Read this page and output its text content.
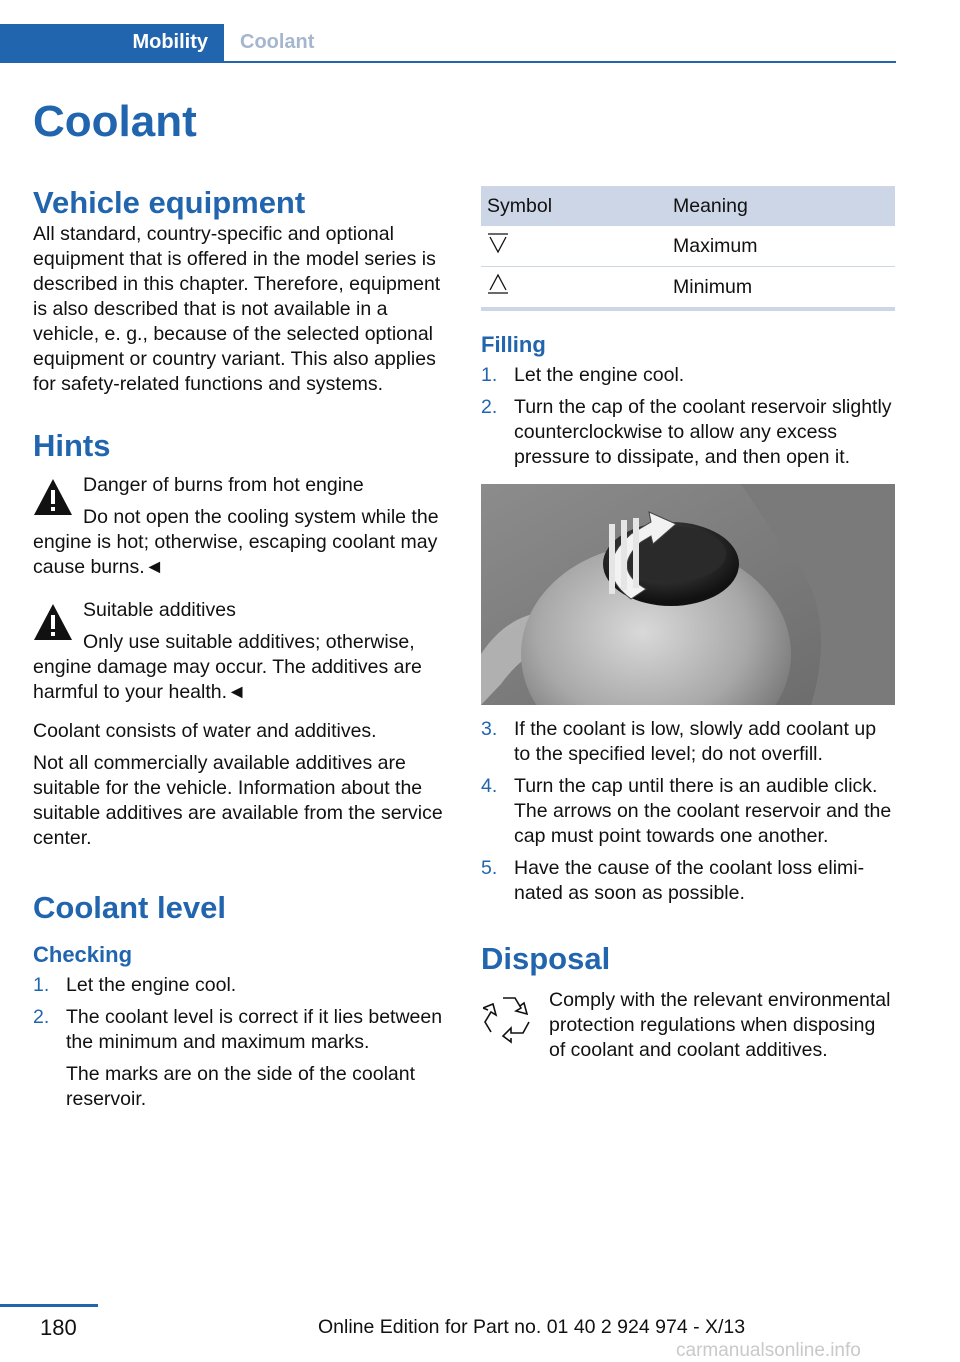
Mobility	Coolant
Coolant
Vehicle equipment

All standard, country-specific and optional equipment that is offered in the model series is described in this chapter. Therefore, equipment is also described that is not available in a vehicle, e. g., because of the selected optional equipment or country variant. This also applies for safety-related functions and systems.

Hints

Danger of burns from hot engine

Do not open the cooling system while the engine is hot; otherwise, escaping coolant may cause burns.◄

Suitable additives

Only use suitable additives; otherwise, engine damage may occur. The additives are harmful to your health.◄

Coolant consists of water and additives.

Not all commercially available additives are suitable for the vehicle. Information about the suitable additives are available from the service center.

Coolant level
Checking
1. Let the engine cool.
2. The coolant level is correct if it lies between the minimum and maximum marks.

The marks are on the side of the coolant reservoir.

Symbol	Meaning
	Maximum
	Minimum
Filling
1. Let the engine cool.
2. Turn the cap of the coolant reservoir slightly counterclockwise to allow any excess pressure to dissipate, and then open it.
3. If the coolant is low, slowly add coolant up to the specified level; do not overfill.
4. Turn the cap until there is an audible click. The arrows on the coolant reservoir and the cap must point towards one another.
5. Have the cause of the coolant loss eliminated as soon as possible.
Disposal

Comply with the relevant environmental protection regulations when disposing of coolant and coolant additives.

180	Online Edition for Part no. 01 40 2 924 974 - X/13
carmanualsonline.info
